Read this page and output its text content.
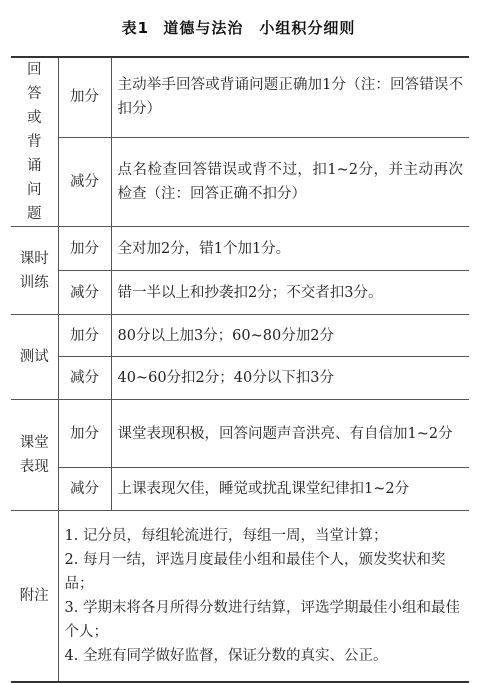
表1 道德与法治　小组积分细则
回答或背诵问题	加分	主动举手回答或背诵问题正确加1分（注：回答错误不扣分）
	减分	点名检查回答错误或背不过，扣1~2分，并主动再次检查（注：回答正确不扣分）
课时训练	加分	全对加2分，错1个加1分。
	减分	错一半以上和抄袭扣2分；不交者扣3分。
测试	加分	80分以上加3分；60~80分加2分
	减分	40~60分扣2分；40分以下扣3分
课堂表现	加分	课堂表现积极，回答问题声音洪亮、有自信加1~2分
	减分	上课表现欠佳，睡觉或扰乱课堂纪律扣1~2分
附注	1. 记分员，每组轮流进行，每组一周，当堂计算；
2. 每月一结，评选月度最佳小组和最佳个人，颁发奖状和奖品；
3. 学期末将各月所得分数进行结算，评选学期最佳小组和最佳个人；
4. 全班有同学做好监督，保证分数的真实、公正。	
